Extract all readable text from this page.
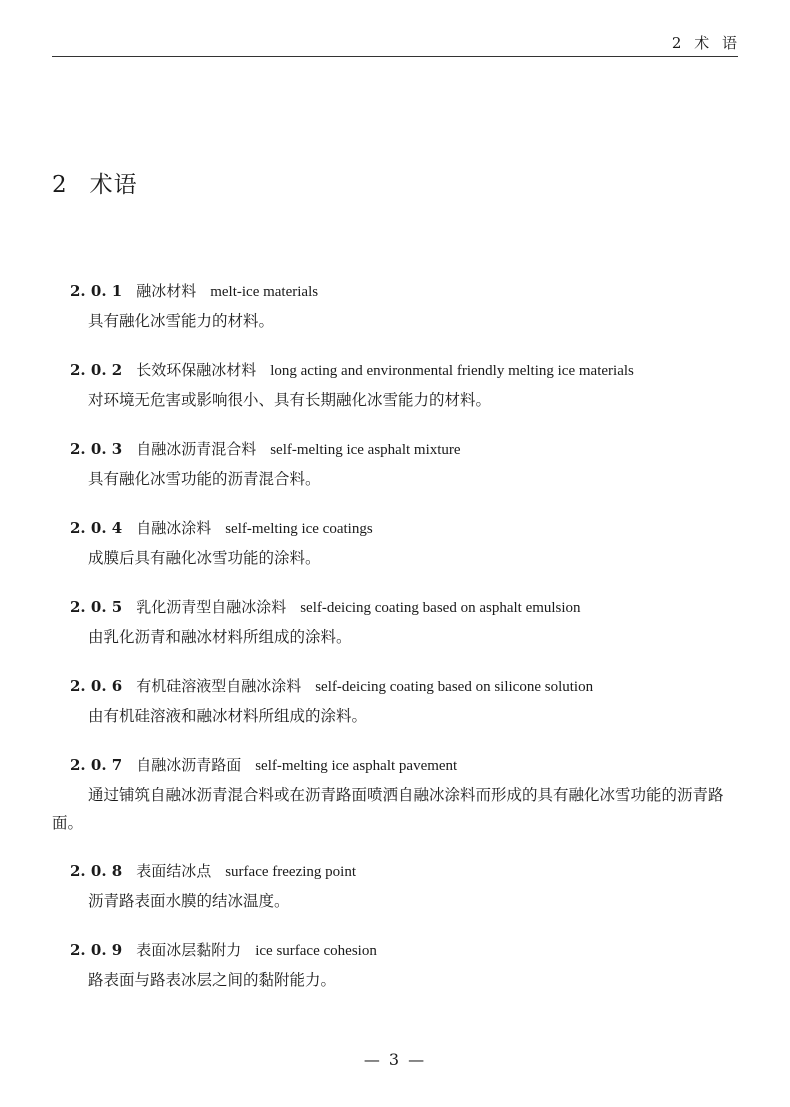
2 术 语
2 术语
2. 0. 1 融冰材料 melt-ice materials
具有融化冰雪能力的材料。
2. 0. 2 长效环保融冰材料 long acting and environmental friendly melting ice materials
对环境无危害或影响很小、具有长期融化冰雪能力的材料。
2. 0. 3 自融冰沥青混合料 self-melting ice asphalt mixture
具有融化冰雪功能的沥青混合料。
2. 0. 4 自融冰涂料 self-melting ice coatings
成膜后具有融化冰雪功能的涂料。
2. 0. 5 乳化沥青型自融冰涂料 self-deicing coating based on asphalt emulsion
由乳化沥青和融冰材料所组成的涂料。
2. 0. 6 有机硅溶液型自融冰涂料 self-deicing coating based on silicone solution
由有机硅溶液和融冰材料所组成的涂料。
2. 0. 7 自融冰沥青路面 self-melting ice asphalt pavement
通过铺筑自融冰沥青混合料或在沥青路面喷洒自融冰涂料而形成的具有融化冰雪功能的沥青路面。
2. 0. 8 表面结冰点 surface freezing point
沥青路表面水膜的结冰温度。
2. 0. 9 表面冰层黏附力 ice surface cohesion
路表面与路表冰层之间的黏附能力。
— 3 —
